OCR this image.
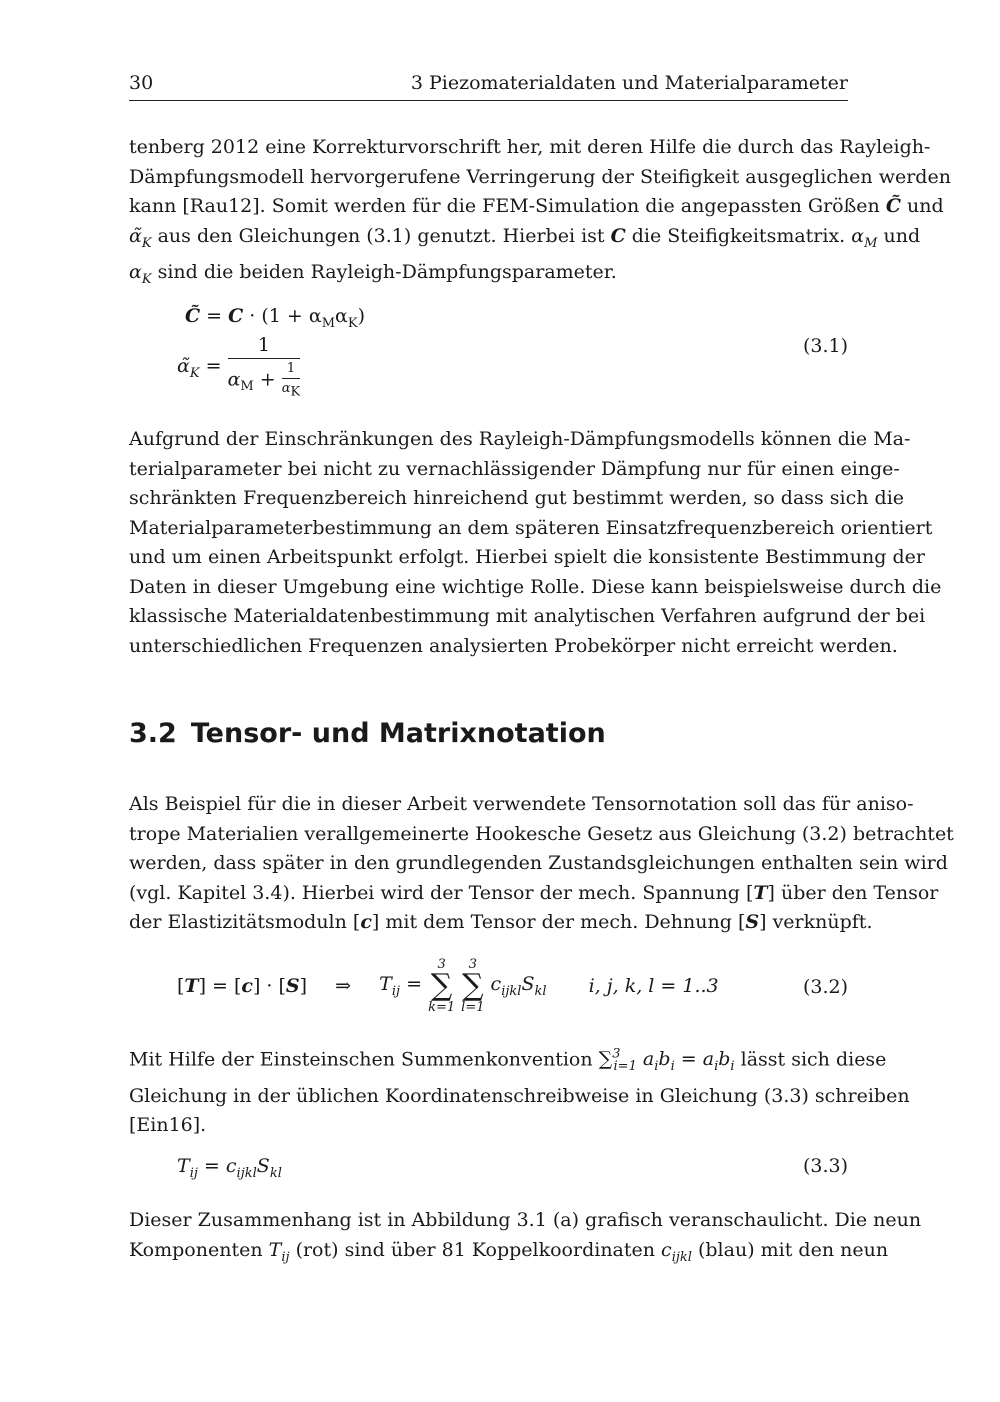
30	3 Piezomaterialdaten und Materialparameter
tenberg 2012 eine Korrekturvorschrift her, mit deren Hilfe die durch das Rayleigh-
Dämpfungsmodell hervorgerufene Verringerung der Steifigkeit ausgeglichen werden
kann [Rau12]. Somit werden für die FEM-Simulation die angepassten Größen C̃ und
$\alphã_K$ aus den Gleichungen (3.1) genutzt. Hierbei ist C die Steifigkeitsmatrix. $\alpha_M$ und
$\alpha_K$ sind die beiden Rayleigh-Dämpfungsparameter.
C̃ = $C \cdot (1 + \alpha_M\alpha_K)$
$\alphã_K = \frac{1}{\alpha_M + \frac{1}{\alpha_K}}$	(3.1)
Aufgrund der Einschränkungen des Rayleigh-Dämpfungsmodells können die Ma-
terialparameter bei nicht zu vernachlässigender Dämpfung nur für einen einge-
schränkten Frequenzbereich hinreichend gut bestimmt werden, so dass sich die
Materialparameterbestimmung an dem späteren Einsatzfrequenzbereich orientiert
und um einen Arbeitspunkt erfolgt. Hierbei spielt die konsistente Bestimmung der
Daten in dieser Umgebung eine wichtige Rolle. Diese kann beispielsweise durch die
klassische Materialdatenbestimmung mit analytischen Verfahren aufgrund der bei
unterschiedlichen Frequenzen analysierten Probekörper nicht erreicht werden.
3.2 Tensor- und Matrixnotation
Als Beispiel für die in dieser Arbeit verwendete Tensornotation soll das für aniso-
trope Materialien verallgemeinerte Hookesche Gesetz aus Gleichung (3.2) betrachtet
werden, dass später in den grundlegenden Zustandsgleichungen enthalten sein wird
(vgl. Kapitel 3.4). Hierbei wird der Tensor der mech. Spannung [T] über den Tensor
der Elastizitätsmoduln [c] mit dem Tensor der mech. Dehnung [S] verknüpft.
[T] = [c] · [S] ⇒ $T_{ij}$ =
3
∑
k=1

3
∑
l=1
$c_{ijkl}S_{kl}$ i, j, k, l = 1..3	(3.2)
Mit Hilfe der Einsteinschen Summenkonvention ∑$^3_{i=1}$ $a_ib_i = a_ib_i$ lässt sich diese
Gleichung in der üblichen Koordinatenschreibweise in Gleichung (3.3) schreiben
[Ein16].
$T_{ij} = c_{ijkl}S_{kl}$	(3.3)
Dieser Zusammenhang ist in Abbildung 3.1 (a) grafisch veranschaulicht. Die neun
Komponenten $T_{ij}$ (rot) sind über 81 Koppelkoordinaten $c_{ijkl}$ (blau) mit den neun
